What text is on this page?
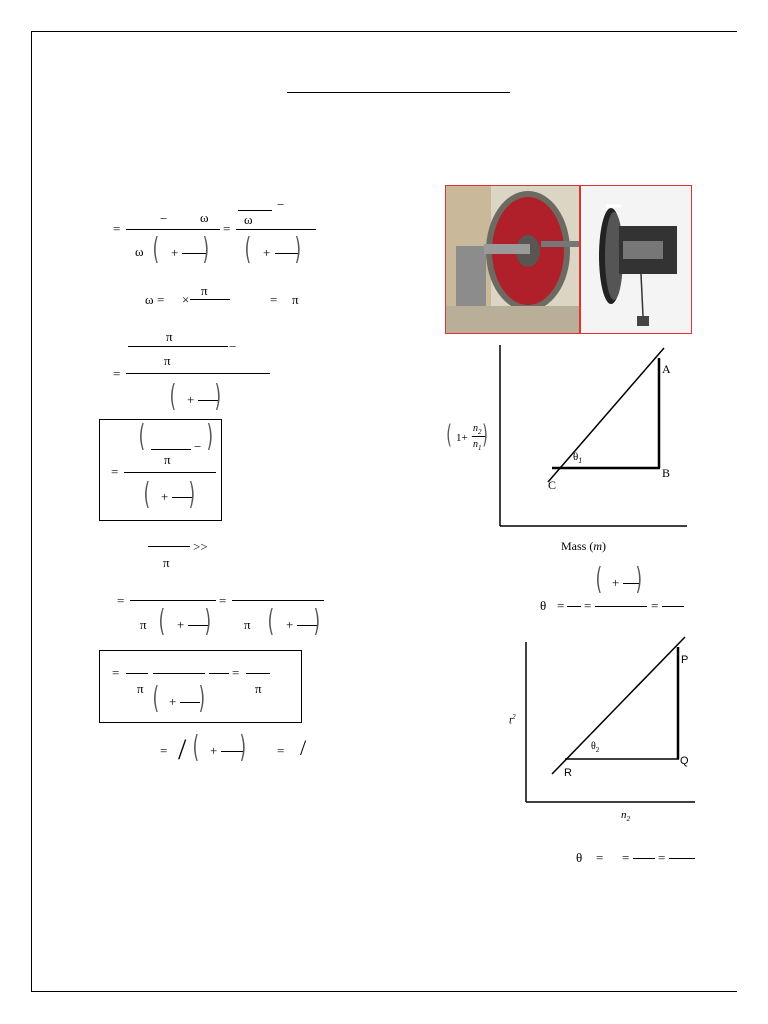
=
−	ω
ω ( + )
=
−
ω
( + )
ω = ×
π
= π
π
−
π
=
( + )
(	−
π
)
=
( + )
>>
π
=
π ( + )
=
π ( + )
=
π ( + )
=
π
= / ( + ) = /
A
B
C
$\theta_1$
( 1+
$n_2$
$n_1$ )
Mass (m)
θ = =
( + )
=
P
Q
R
$\theta_2$
$t^2$
$n_2$
θ = = =
